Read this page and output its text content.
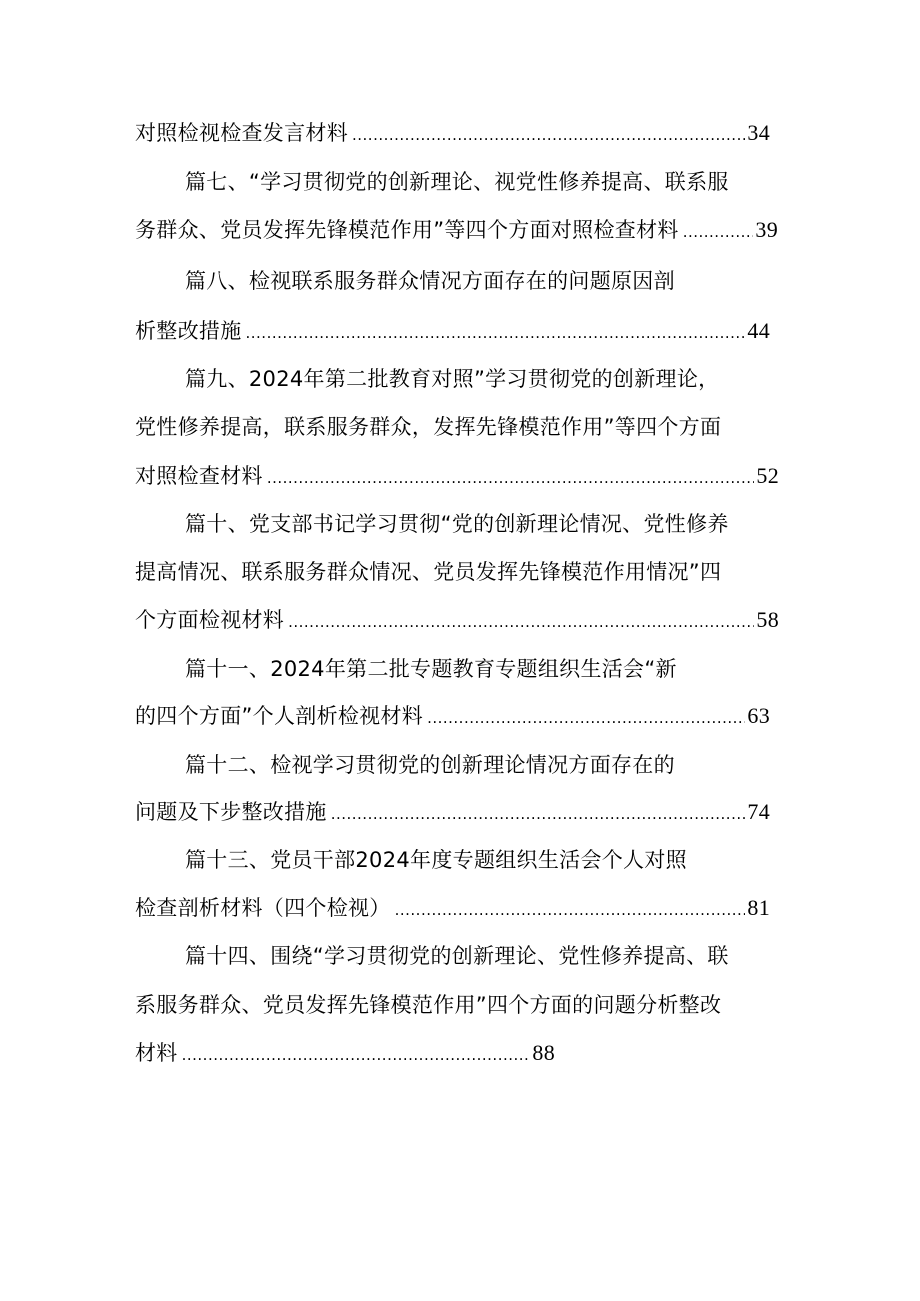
对照检视检查发言材料 .....	34
篇七、“学习贯彻党的创新理论、视党性修养提高、联系服
务群众、党员发挥先锋模范作用”等四个方面对照检查材料 .....	39
篇八、检视联系服务群众情况方面存在的问题原因剖
析整改措施 .....	44
篇九、2024年第二批教育对照”学习贯彻党的创新理论，
党性修养提高，联系服务群众，发挥先锋模范作用”等四个方面
对照检查材料 .....	52
篇十、党支部书记学习贯彻“党的创新理论情况、党性修养
提高情况、联系服务群众情况、党员发挥先锋模范作用情况”四
个方面检视材料 .....	58
篇十一、2024年第二批专题教育专题组织生活会“新
的四个方面”个人剖析检视材料 .....	63
篇十二、检视学习贯彻党的创新理论情况方面存在的
问题及下步整改措施 .....	74
篇十三、党员干部2024年度专题组织生活会个人对照
检查剖析材料（四个检视） .....	81
篇十四、围绕“学习贯彻党的创新理论、党性修养提高、联
系服务群众、党员发挥先锋模范作用”四个方面的问题分析整改
材料 .....	88
